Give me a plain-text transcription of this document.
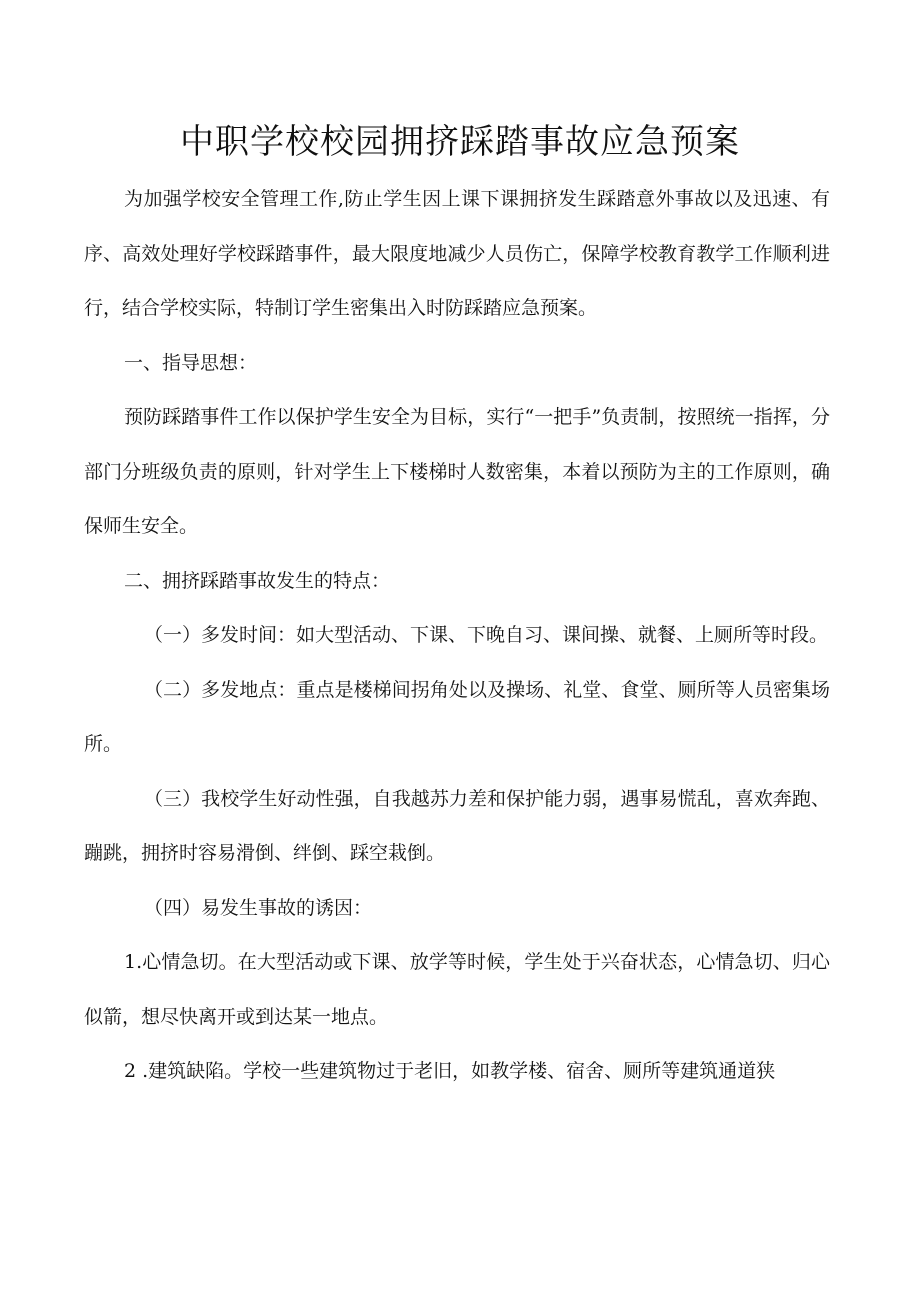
中职学校校园拥挤踩踏事故应急预案

为加强学校安全管理工作,防止学生因上课下课拥挤发生踩踏意外事故以及迅速、有序、高效处理好学校踩踏事件，最大限度地减少人员伤亡，保障学校教育教学工作顺利进行，结合学校实际，特制订学生密集出入时防踩踏应急预案。

一、指导思想：

预防踩踏事件工作以保护学生安全为目标，实行“一把手”负责制，按照统一指挥，分部门分班级负责的原则，针对学生上下楼梯时人数密集，本着以预防为主的工作原则，确保师生安全。

二、拥挤踩踏事故发生的特点：

（一）多发时间：如大型活动、下课、下晚自习、课间操、就餐、上厕所等时段。

（二）多发地点：重点是楼梯间拐角处以及操场、礼堂、食堂、厕所等人员密集场所。

（三）我校学生好动性强，自我越苏力差和保护能力弱，遇事易慌乱，喜欢奔跑、蹦跳，拥挤时容易滑倒、绊倒、踩空栽倒。

（四）易发生事故的诱因：

1.心情急切。在大型活动或下课、放学等时候，学生处于兴奋状态，心情急切、归心似箭，想尽快离开或到达某一地点。

2 .建筑缺陷。学校一些建筑物过于老旧，如教学楼、宿舍、厕所等建筑通道狭
